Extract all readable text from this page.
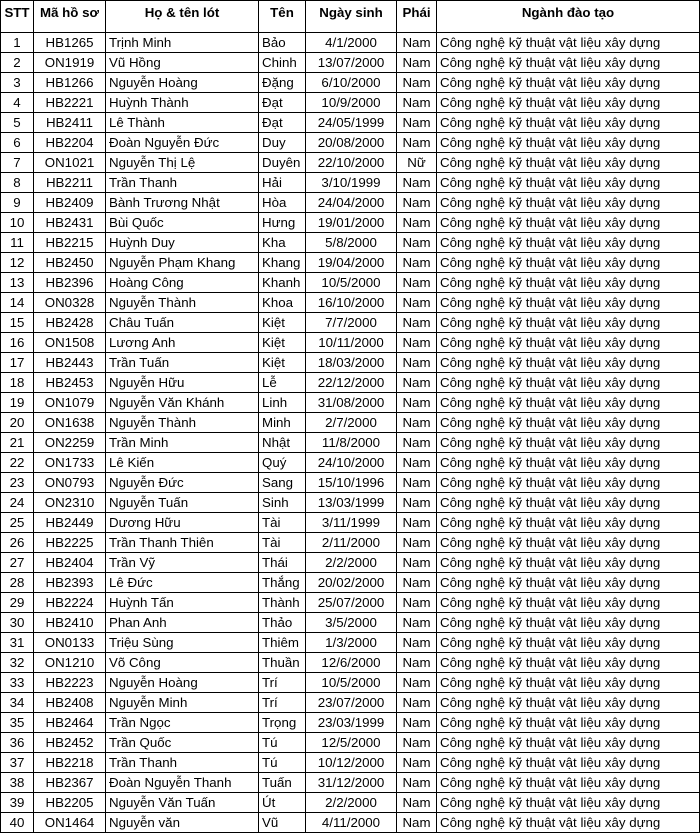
STT	Mã hồ sơ	Họ & tên lót	Tên	Ngày sinh	Phái	Ngành đào tạo
1	HB1265	Trịnh Minh	Bảo	4/1/2000	Nam	Công nghệ kỹ thuật vật liệu xây dựng
2	ON1919	Vũ Hồng	Chinh	13/07/2000	Nam	Công nghệ kỹ thuật vật liệu xây dựng
3	HB1266	Nguyễn Hoàng	Đặng	6/10/2000	Nam	Công nghệ kỹ thuật vật liệu xây dựng
4	HB2221	Huỳnh Thành	Đạt	10/9/2000	Nam	Công nghệ kỹ thuật vật liệu xây dựng
5	HB2411	Lê Thành	Đạt	24/05/1999	Nam	Công nghệ kỹ thuật vật liệu xây dựng
6	HB2204	Đoàn Nguyễn Đức	Duy	20/08/2000	Nam	Công nghệ kỹ thuật vật liệu xây dựng
7	ON1021	Nguyễn Thị Lệ	Duyên	22/10/2000	Nữ	Công nghệ kỹ thuật vật liệu xây dựng
8	HB2211	Trần Thanh	Hải	3/10/1999	Nam	Công nghệ kỹ thuật vật liệu xây dựng
9	HB2409	Bành Trương Nhật	Hòa	24/04/2000	Nam	Công nghệ kỹ thuật vật liệu xây dựng
10	HB2431	Bùi Quốc	Hưng	19/01/2000	Nam	Công nghệ kỹ thuật vật liệu xây dựng
11	HB2215	Huỳnh Duy	Kha	5/8/2000	Nam	Công nghệ kỹ thuật vật liệu xây dựng
12	HB2450	Nguyễn Phạm Khang	Khang	19/04/2000	Nam	Công nghệ kỹ thuật vật liệu xây dựng
13	HB2396	Hoàng Công	Khanh	10/5/2000	Nam	Công nghệ kỹ thuật vật liệu xây dựng
14	ON0328	Nguyễn Thành	Khoa	16/10/2000	Nam	Công nghệ kỹ thuật vật liệu xây dựng
15	HB2428	Châu Tuấn	Kiệt	7/7/2000	Nam	Công nghệ kỹ thuật vật liệu xây dựng
16	ON1508	Lương Anh	Kiệt	10/11/2000	Nam	Công nghệ kỹ thuật vật liệu xây dựng
17	HB2443	Trần Tuấn	Kiệt	18/03/2000	Nam	Công nghệ kỹ thuật vật liệu xây dựng
18	HB2453	Nguyễn Hữu	Lễ	22/12/2000	Nam	Công nghệ kỹ thuật vật liệu xây dựng
19	ON1079	Nguyễn Văn Khánh	Linh	31/08/2000	Nam	Công nghệ kỹ thuật vật liệu xây dựng
20	ON1638	Nguyễn Thành	Minh	2/7/2000	Nam	Công nghệ kỹ thuật vật liệu xây dựng
21	ON2259	Trần Minh	Nhật	11/8/2000	Nam	Công nghệ kỹ thuật vật liệu xây dựng
22	ON1733	Lê Kiến	Quý	24/10/2000	Nam	Công nghệ kỹ thuật vật liệu xây dựng
23	ON0793	Nguyễn Đức	Sang	15/10/1996	Nam	Công nghệ kỹ thuật vật liệu xây dựng
24	ON2310	Nguyễn Tuấn	Sinh	13/03/1999	Nam	Công nghệ kỹ thuật vật liệu xây dựng
25	HB2449	Dương Hữu	Tài	3/11/1999	Nam	Công nghệ kỹ thuật vật liệu xây dựng
26	HB2225	Trần Thanh Thiên	Tài	2/11/2000	Nam	Công nghệ kỹ thuật vật liệu xây dựng
27	HB2404	Trần Vỹ	Thái	2/2/2000	Nam	Công nghệ kỹ thuật vật liệu xây dựng
28	HB2393	Lê Đức	Thắng	20/02/2000	Nam	Công nghệ kỹ thuật vật liệu xây dựng
29	HB2224	Huỳnh Tấn	Thành	25/07/2000	Nam	Công nghệ kỹ thuật vật liệu xây dựng
30	HB2410	Phan Anh	Thảo	3/5/2000	Nam	Công nghệ kỹ thuật vật liệu xây dựng
31	ON0133	Triệu Sùng	Thiêm	1/3/2000	Nam	Công nghệ kỹ thuật vật liệu xây dựng
32	ON1210	Võ Công	Thuần	12/6/2000	Nam	Công nghệ kỹ thuật vật liệu xây dựng
33	HB2223	Nguyễn Hoàng	Trí	10/5/2000	Nam	Công nghệ kỹ thuật vật liệu xây dựng
34	HB2408	Nguyễn Minh	Trí	23/07/2000	Nam	Công nghệ kỹ thuật vật liệu xây dựng
35	HB2464	Trần Ngọc	Trọng	23/03/1999	Nam	Công nghệ kỹ thuật vật liệu xây dựng
36	HB2452	Trần Quốc	Tú	12/5/2000	Nam	Công nghệ kỹ thuật vật liệu xây dựng
37	HB2218	Trần Thanh	Tú	10/12/2000	Nam	Công nghệ kỹ thuật vật liệu xây dựng
38	HB2367	Đoàn Nguyễn Thanh	Tuấn	31/12/2000	Nam	Công nghệ kỹ thuật vật liệu xây dựng
39	HB2205	Nguyễn Văn Tuấn	Út	2/2/2000	Nam	Công nghệ kỹ thuật vật liệu xây dựng
40	ON1464	Nguyễn văn	Vũ	4/11/2000	Nam	Công nghệ kỹ thuật vật liệu xây dựng
